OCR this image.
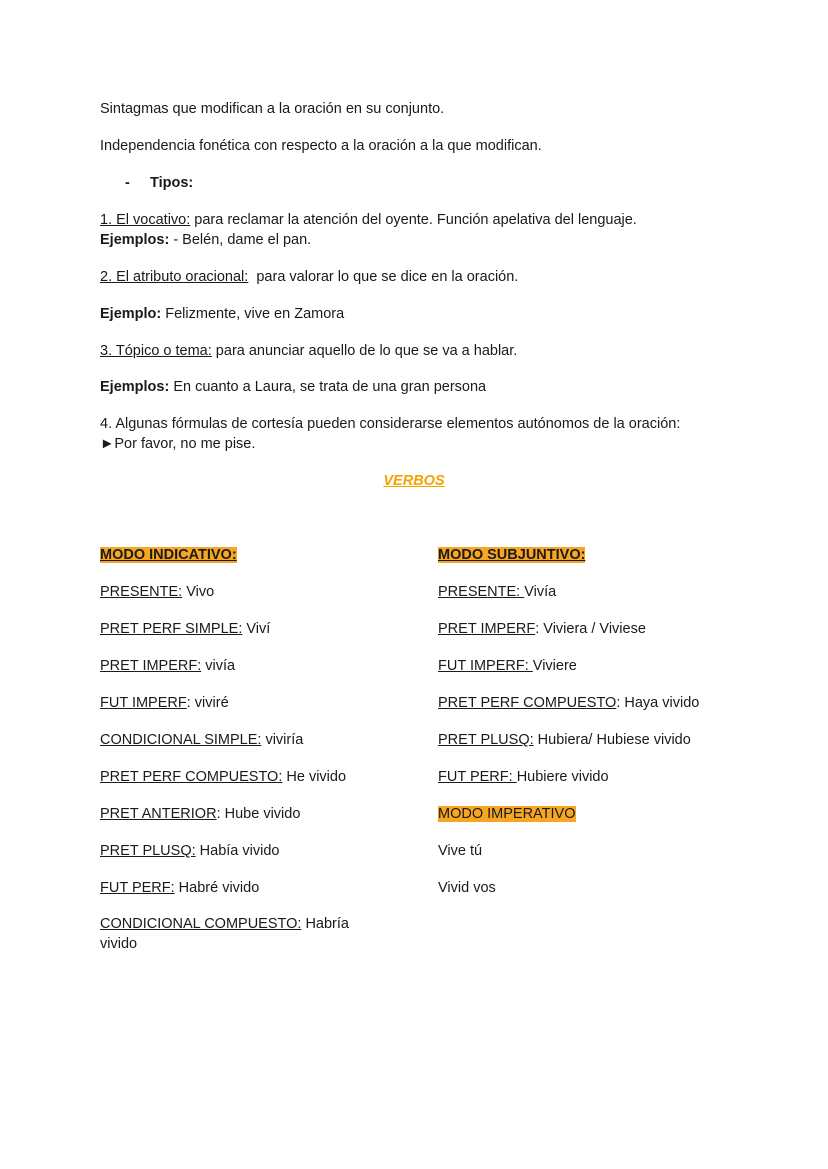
Sintagmas que modifican a la oración en su conjunto.

Independencia fonética con respecto a la oración a la que modifican.

- Tipos:

1. El vocativo: para reclamar la atención del oyente. Función apelativa del lenguaje.
Ejemplos: - Belén, dame el pan.

2. El atributo oracional:  para valorar lo que se dice en la oración.

Ejemplo: Felizmente, vive en Zamora

3. Tópico o tema: para anunciar aquello de lo que se va a hablar.

Ejemplos: En cuanto a Laura, se trata de una gran persona

4. Algunas fórmulas de cortesía pueden considerarse elementos autónomos de la oración:
►Por favor, no me pise.

VERBOS
MODO INDICATIVO:
PRESENTE: Vivo
PRET PERF SIMPLE: Viví
PRET IMPERF: vivía
FUT IMPERF: viviré
CONDICIONAL SIMPLE: viviría
PRET PERF COMPUESTO: He vivido
PRET ANTERIOR: Hube vivido
PRET PLUSQ: Había vivido
FUT PERF: Habré vivido
CONDICIONAL COMPUESTO: Habría vivido
MODO SUBJUNTIVO:
PRESENTE: Vivía
PRET IMPERF: Viviera / Viviese
FUT IMPERF: Viviere
PRET PERF COMPUESTO: Haya vivido
PRET PLUSQ: Hubiera/ Hubiese vivido
FUT PERF: Hubiere vivido
MODO IMPERATIVO
Vive tú
Vivid vos
